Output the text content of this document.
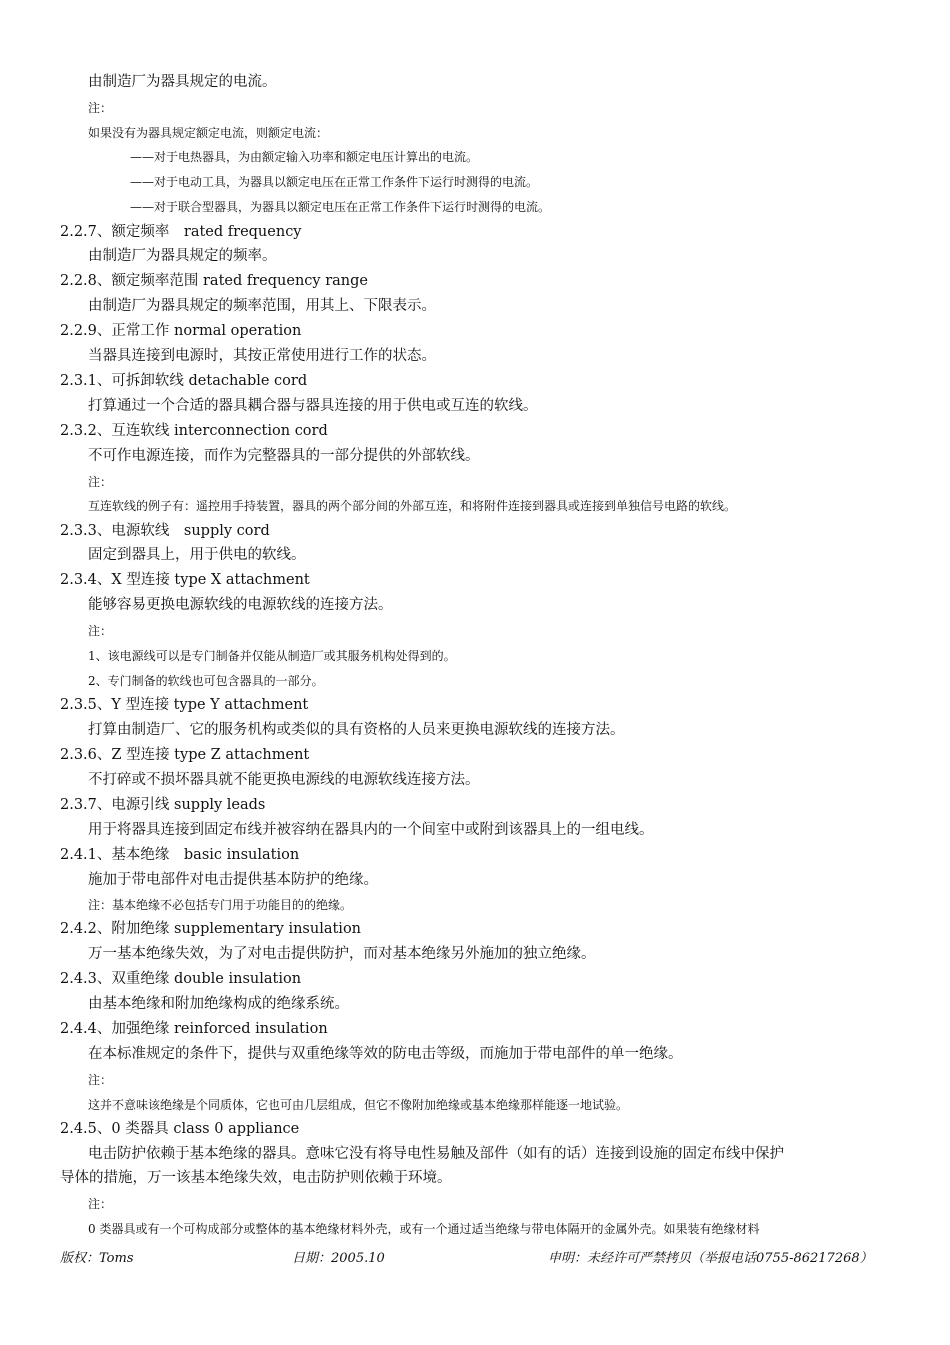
由制造厂为器具规定的电流。
注：
如果没有为器具规定额定电流，则额定电流：
——对于电热器具，为由额定输入功率和额定电压计算出的电流。
——对于电动工具，为器具以额定电压在正常工作条件下运行时测得的电流。
——对于联合型器具，为器具以额定电压在正常工作条件下运行时测得的电流。
2.2.7、额定频率　rated frequency
由制造厂为器具规定的频率。
2.2.8、额定频率范围 rated frequency range
由制造厂为器具规定的频率范围，用其上、下限表示。
2.2.9、正常工作 normal operation
当器具连接到电源时，其按正常使用进行工作的状态。
2.3.1、可拆卸软线 detachable cord
打算通过一个合适的器具耦合器与器具连接的用于供电或互连的软线。
2.3.2、互连软线 interconnection cord
不可作电源连接，而作为完整器具的一部分提供的外部软线。
注：
互连软线的例子有：遥控用手持装置，器具的两个部分间的外部互连，和将附件连接到器具或连接到单独信号电路的软线。
2.3.3、电源软线　supply cord
固定到器具上，用于供电的软线。
2.3.4、X 型连接 type X attachment
能够容易更换电源软线的电源软线的连接方法。
注：
1、该电源线可以是专门制备并仅能从制造厂或其服务机构处得到的。
2、专门制备的软线也可包含器具的一部分。
2.3.5、Y 型连接 type Y attachment
打算由制造厂、它的服务机构或类似的具有资格的人员来更换电源软线的连接方法。
2.3.6、Z 型连接 type Z attachment
不打碎或不损坏器具就不能更换电源线的电源软线连接方法。
2.3.7、电源引线 supply leads
用于将器具连接到固定布线并被容纳在器具内的一个间室中或附到该器具上的一组电线。
2.4.1、基本绝缘　basic insulation
施加于带电部件对电击提供基本防护的绝缘。
注：基本绝缘不必包括专门用于功能目的的绝缘。
2.4.2、附加绝缘 supplementary insulation
万一基本绝缘失效，为了对电击提供防护，而对基本绝缘另外施加的独立绝缘。
2.4.3、双重绝缘 double insulation
由基本绝缘和附加绝缘构成的绝缘系统。
2.4.4、加强绝缘 reinforced insulation
在本标准规定的条件下，提供与双重绝缘等效的防电击等级，而施加于带电部件的单一绝缘。
注：
这并不意味该绝缘是个同质体，它也可由几层组成，但它不像附加绝缘或基本绝缘那样能逐一地试验。
2.4.5、0 类器具 class 0 appliance
电击防护依赖于基本绝缘的器具。意味它没有将导电性易触及部件（如有的话）连接到设施的固定布线中保护
导体的措施，万一该基本绝缘失效，电击防护则依赖于环境。
注：
0 类器具或有一个可构成部分或整体的基本绝缘材料外壳，或有一个通过适当绝缘与带电体隔开的金属外壳。如果装有绝缘材料
版权：Toms	日期：2005.10	申明：未经许可严禁拷贝（举报电话0755-86217268）
